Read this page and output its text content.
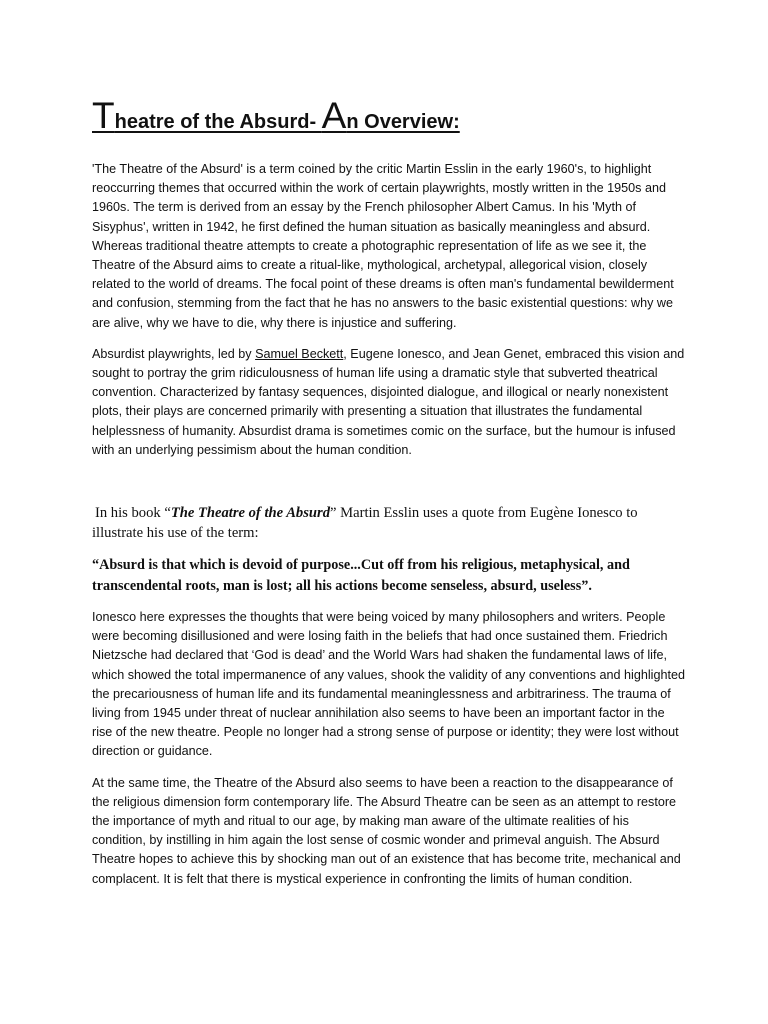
Theatre of the Absurd- An Overview:

'The Theatre of the Absurd' is a term coined by the critic Martin Esslin in the early 1960's, to highlight reoccurring themes that occurred within the work of certain playwrights, mostly written in the 1950s and 1960s. The term is derived from an essay by the French philosopher Albert Camus. In his 'Myth of Sisyphus', written in 1942, he first defined the human situation as basically meaningless and absurd. Whereas traditional theatre attempts to create a photographic representation of life as we see it, the Theatre of the Absurd aims to create a ritual-like, mythological, archetypal, allegorical vision, closely related to the world of dreams. The focal point of these dreams is often man's fundamental bewilderment and confusion, stemming from the fact that he has no answers to the basic existential questions: why we are alive, why we have to die, why there is injustice and suffering.

Absurdist playwrights, led by Samuel Beckett, Eugene Ionesco, and Jean Genet, embraced this vision and sought to portray the grim ridiculousness of human life using a dramatic style that subverted theatrical convention. Characterized by fantasy sequences, disjointed dialogue, and illogical or nearly nonexistent plots, their plays are concerned primarily with presenting a situation that illustrates the fundamental helplessness of humanity. Absurdist drama is sometimes comic on the surface, but the humour is infused with an underlying pessimism about the human condition.

In his book “The Theatre of the Absurd” Martin Esslin uses a quote from Eugène Ionesco to illustrate his use of the term:

“Absurd is that which is devoid of purpose...Cut off from his religious, metaphysical, and transcendental roots, man is lost; all his actions become senseless, absurd, useless”.

Ionesco here expresses the thoughts that were being voiced by many philosophers and writers. People were becoming disillusioned and were losing faith in the beliefs that had once sustained them. Friedrich Nietzsche had declared that ‘God is dead’ and the World Wars had shaken the fundamental laws of life, which showed the total impermanence of any values, shook the validity of any conventions and highlighted the precariousness of human life and its fundamental meaninglessness and arbitrariness. The trauma of living from 1945 under threat of nuclear annihilation also seems to have been an important factor in the rise of the new theatre. People no longer had a strong sense of purpose or identity; they were lost without direction or guidance.

At the same time, the Theatre of the Absurd also seems to have been a reaction to the disappearance of the religious dimension form contemporary life. The Absurd Theatre can be seen as an attempt to restore the importance of myth and ritual to our age, by making man aware of the ultimate realities of his condition, by instilling in him again the lost sense of cosmic wonder and primeval anguish. The Absurd Theatre hopes to achieve this by shocking man out of an existence that has become trite, mechanical and complacent. It is felt that there is mystical experience in confronting the limits of human condition.
